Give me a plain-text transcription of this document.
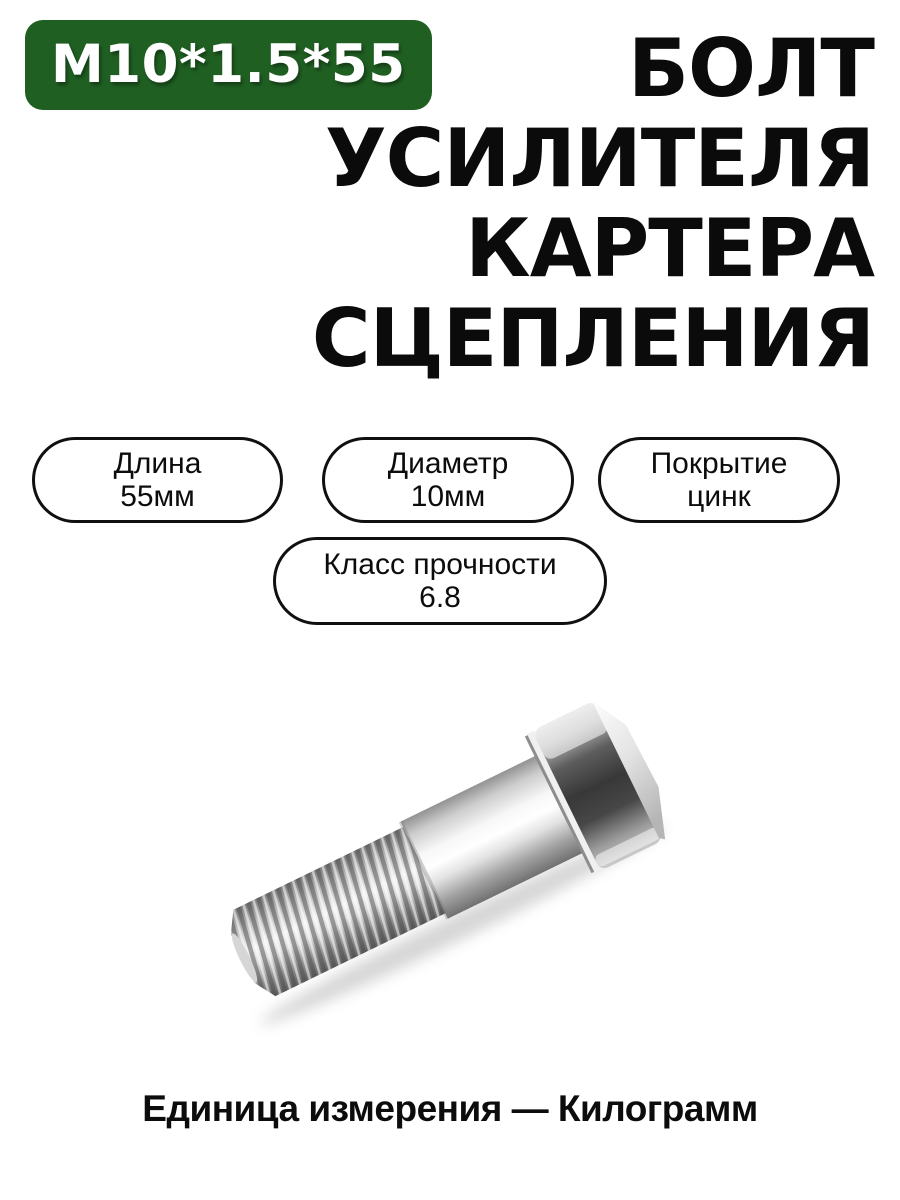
М10*1.5*55	БОЛТ
УСИЛИТЕЛЯ
КАРТЕРА
СЦЕПЛЕНИЯ
Длина
55мм
Диаметр
10мм
Покрытие
цинк
Класс прочности
6.8
Единица измерения — Килограмм
